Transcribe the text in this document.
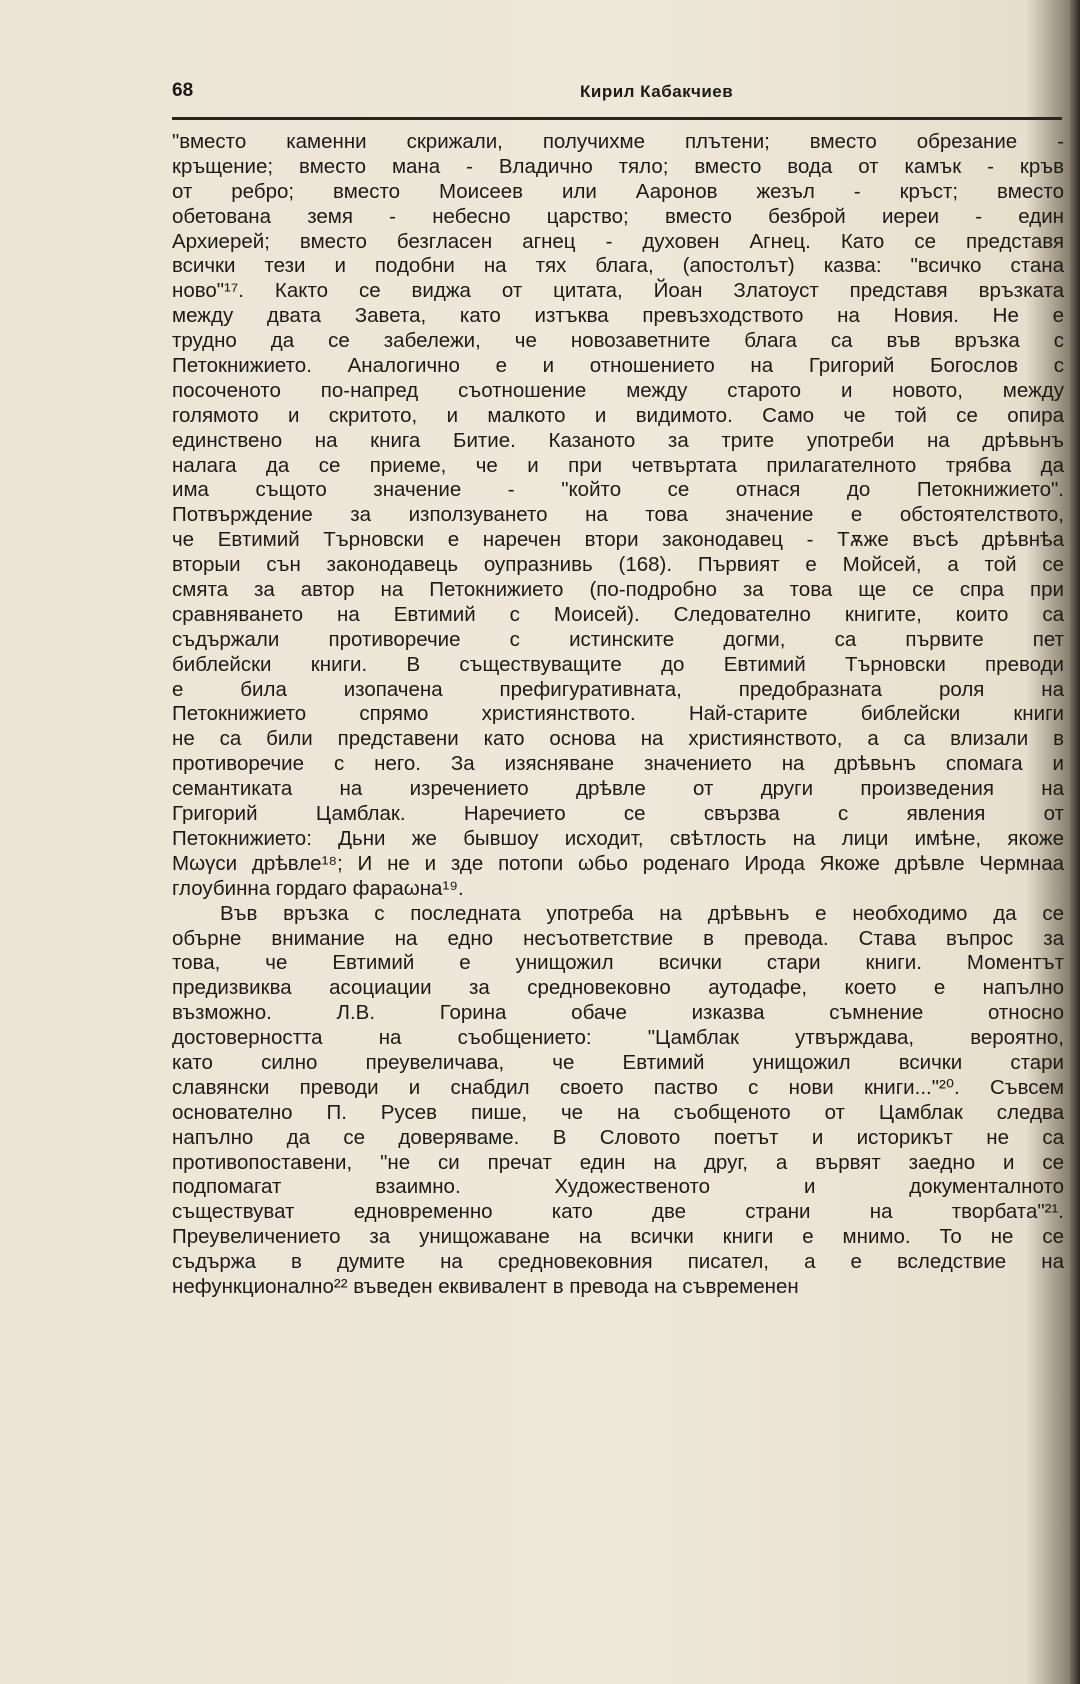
68	Кирил Кабакчиев
"вместо каменни скрижали, получихме плътени; вместо обрезание -
кръщение; вместо мана - Владично тяло; вместо вода от камък - кръв
от ребро; вместо Моисеев или Ааронов жезъл - кръст; вместо
обетована земя - небесно царство; вместо безброй иереи - един
Архиерей; вместо безгласен агнец - духовен Агнец. Като се представя
всички тези и подобни на тях блага, (апостолът) казва: "всичко стана
ново"¹⁷. Както се виджа от цитата, Йоан Златоуст представя връзката
между двата Завета, като изтъква превъзходството на Новия. Не е
трудно да се забележи, че новозаветните блага са във връзка с
Петокнижието. Аналогично е и отношението на Григорий Богослов с
посоченото по-напред съотношение между старото и новото, между
голямото и скритото, и малкото и видимото. Само че той се опира
единствено на книга Битие. Казаното за трите употреби на дрѣвьнъ
налага да се приеме, че и при четвъртата прилагателното трябва да
има същото значение - "който се отнася до Петокнижието".
Потвърждение за използуването на това значение е обстоятелството,
че Евтимий Търновски е наречен втори законодавец - Тѫже въсѣ дрѣвнѣа
вторыи сън законодавець оупразнивь (168). Първият е Мойсей, а той се
смята за автор на Петокнижието (по-подробно за това ще се спра при
сравняването на Евтимий с Моисей). Следователно книгите, които са
съдържали противоречие с истинските догми, са първите пет
библейски книги. В съществуващите до Евтимий Търновски преводи
е била изопачена префигуративната, предобразната роля на
Петокнижието спрямо християнството. Най-старите библейски книги
не са били представени като основа на християнството, а са влизали в
противоречие с него. За изясняване значението на дрѣвьнъ спомага и
семантиката на изречението дрѣвле от други произведения на
Григорий Цамблак. Наречието се свързва с явления от
Петокнижието: Дьни же бывшоу исходит, свѣтлость на лици имѣне, якоже
Мωγси дрѣвле¹⁸; И не и зде потопи ωбьо роденаго Ирода Якоже дрѣвле Чермнаа
глоубинна гордаго фараωна¹⁹.
Във връзка с последната употреба на дрѣвьнъ е необходимо да се
обърне внимание на едно несъответствие в превода. Става въпрос за
това, че Евтимий е унищожил всички стари книги. Моментът
предизвиква асоциации за средновековно аутодафе, което е напълно
възможно. Л.В. Горина обаче изказва съмнение относно
достоверността на съобщението: "Цамблак утвърждава, вероятно,
като силно преувеличава, че Евтимий унищожил всички стари
славянски преводи и снабдил своето паство с нови книги..."²⁰. Съвсем
основателно П. Русев пише, че на съобщеното от Цамблак следва
напълно да се доверяваме. В Словото поетът и историкът не са
противопоставени, "не си пречат един на друг, а вървят заедно и се
подпомагат взаимно. Художественото и документалното
съществуват едновременно като две страни на творбата"²¹.
Преувеличението за унищожаване на всички книги е мнимо. То не се
съдържа в думите на средновековния писател, а е вследствие на
нефункционално²² въведен еквивалент в превода на съвременен
